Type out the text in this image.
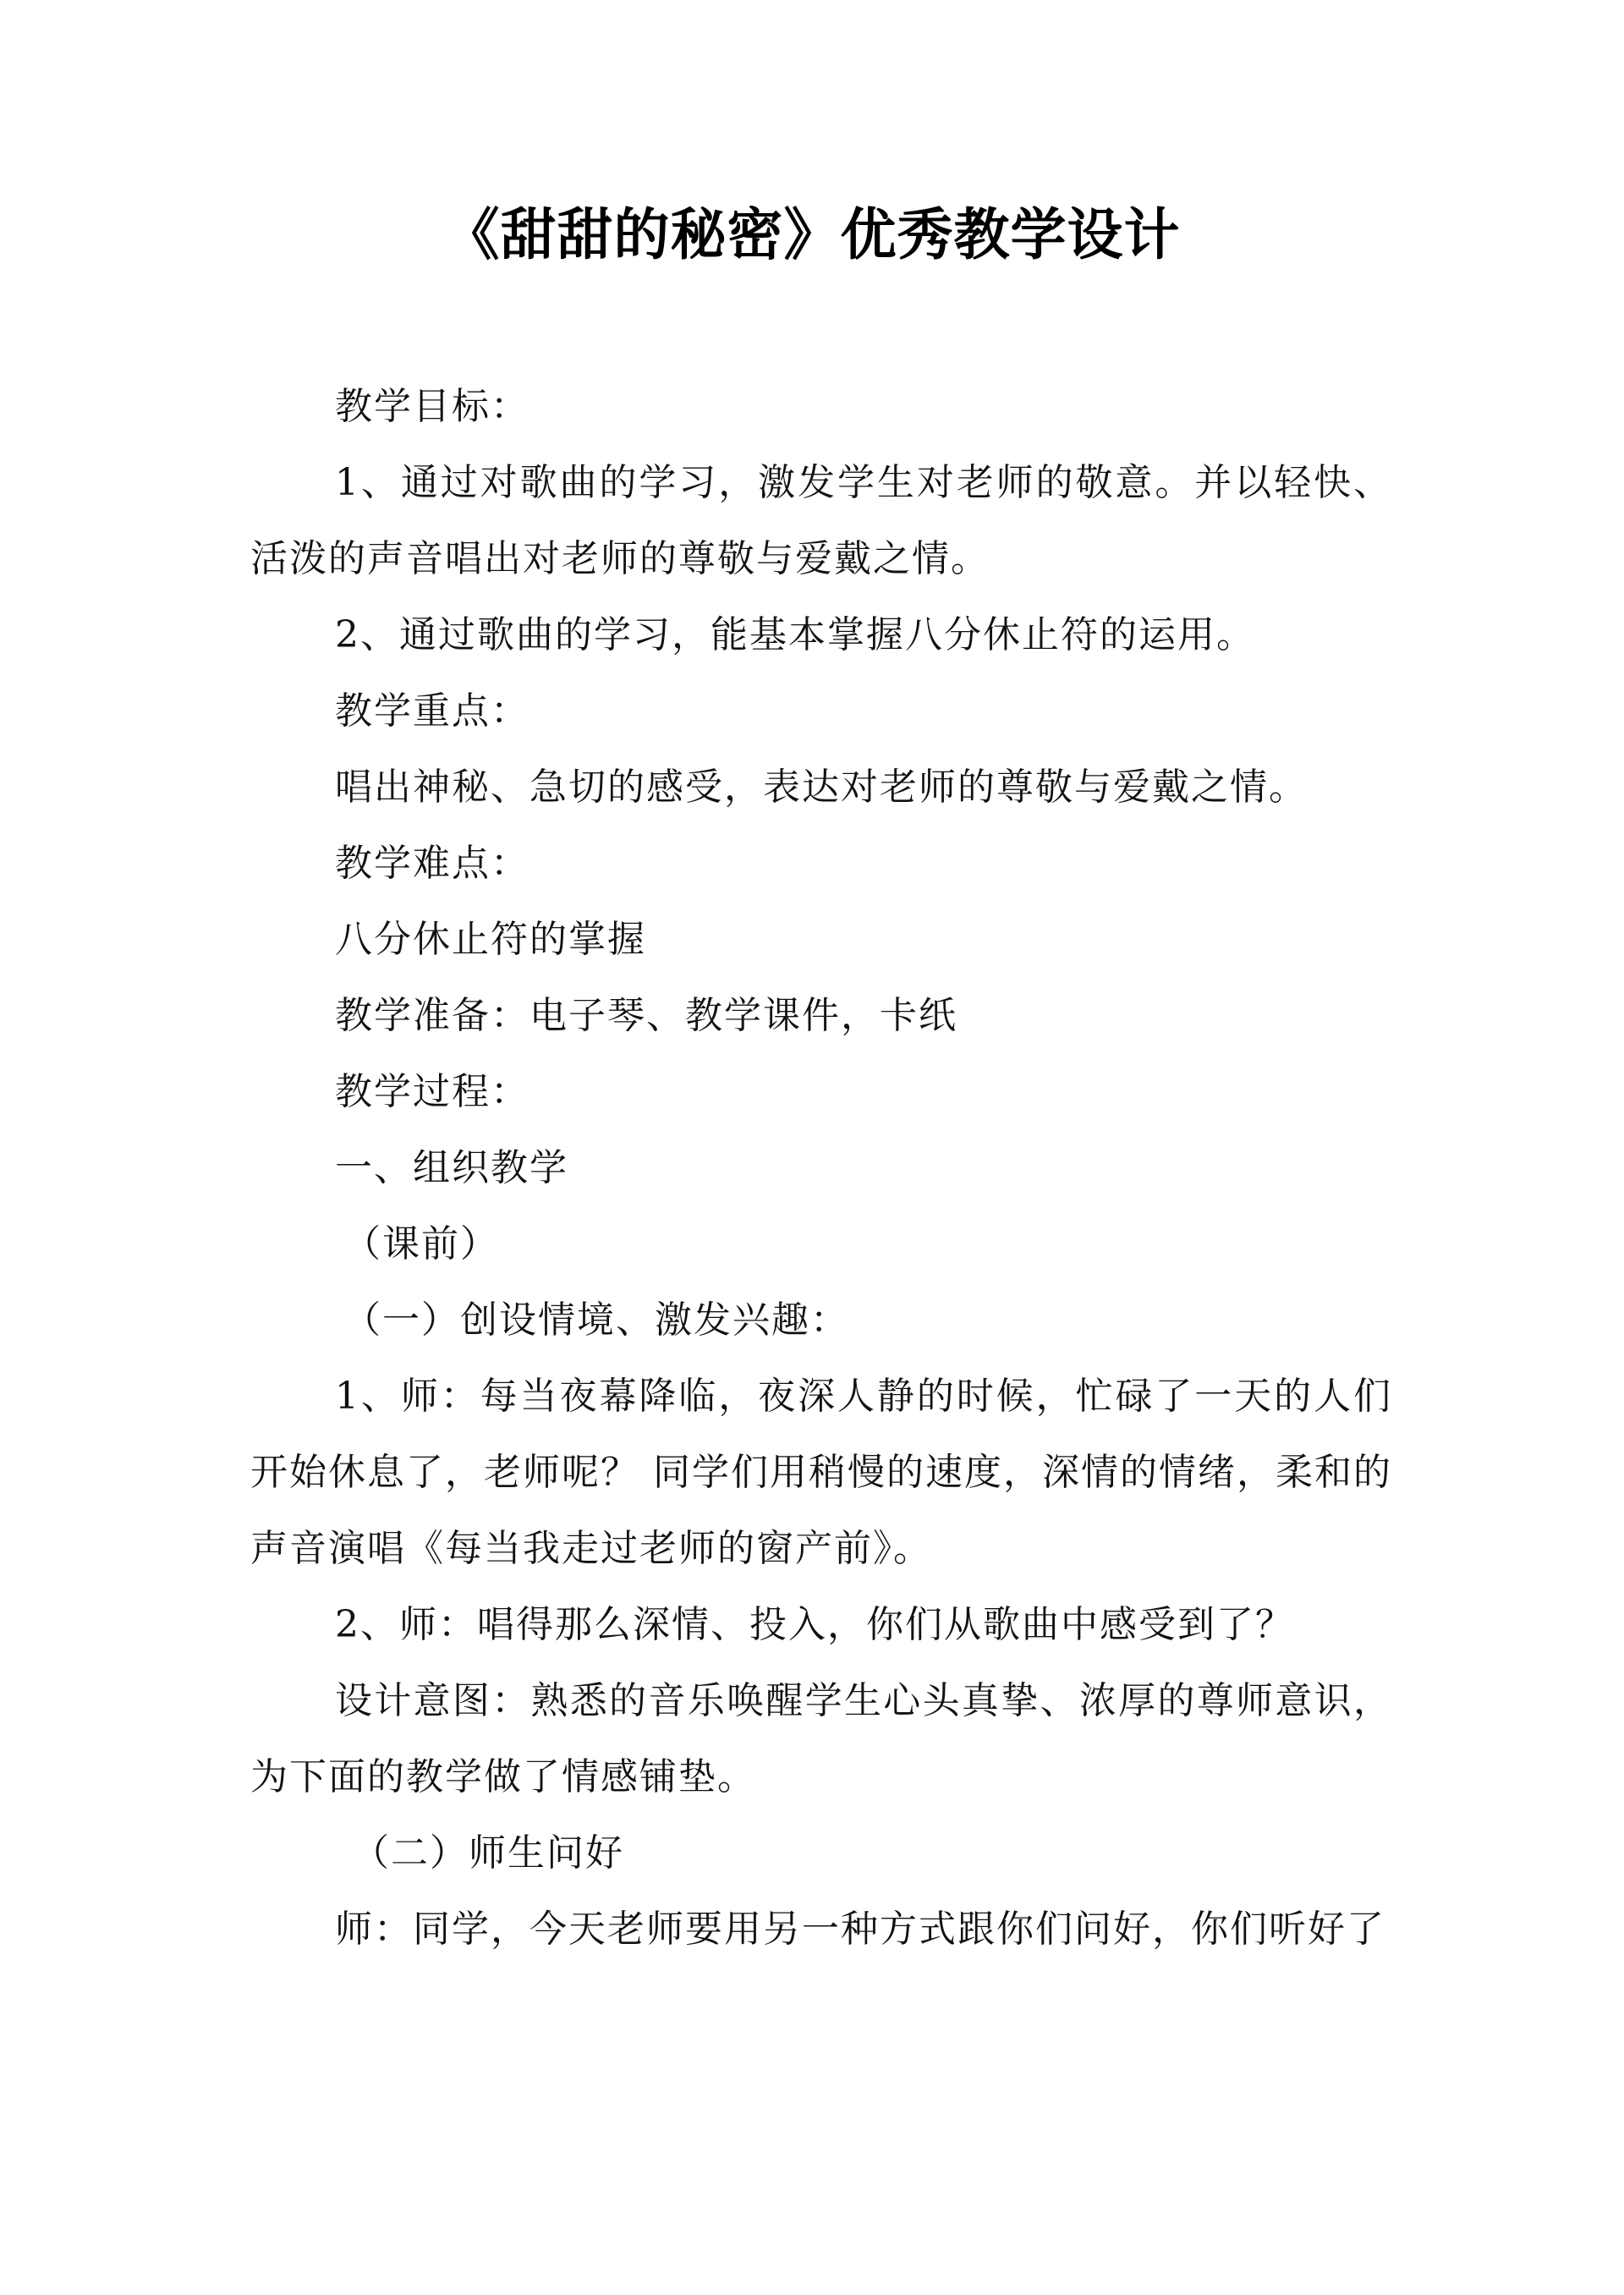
《甜甜的秘密》优秀教学设计

教学目标：

1、通过对歌曲的学习，激发学生对老师的敬意。并以轻快、活泼的声音唱出对老师的尊敬与爱戴之情。

2、通过歌曲的学习，能基本掌握八分休止符的运用。

教学重点：

唱出神秘、急切的感受，表达对老师的尊敬与爱戴之情。

教学难点：

八分休止符的掌握

教学准备：电子琴、教学课件，卡纸

教学过程：

一、组织教学

（课前）

（一）创设情境、激发兴趣：

1、师：每当夜幕降临，夜深人静的时候，忙碌了一天的人们开始休息了，老师呢？ 同学们用稍慢的速度，深情的情绪，柔和的声音演唱《每当我走过老师的窗产前》。

2、师：唱得那么深情、投入，你们从歌曲中感受到了？

设计意图：熟悉的音乐唤醒学生心头真挚、浓厚的尊师意识，为下面的教学做了情感铺垫。

（二）师生问好

师：同学，今天老师要用另一种方式跟你们问好，你们听好了
